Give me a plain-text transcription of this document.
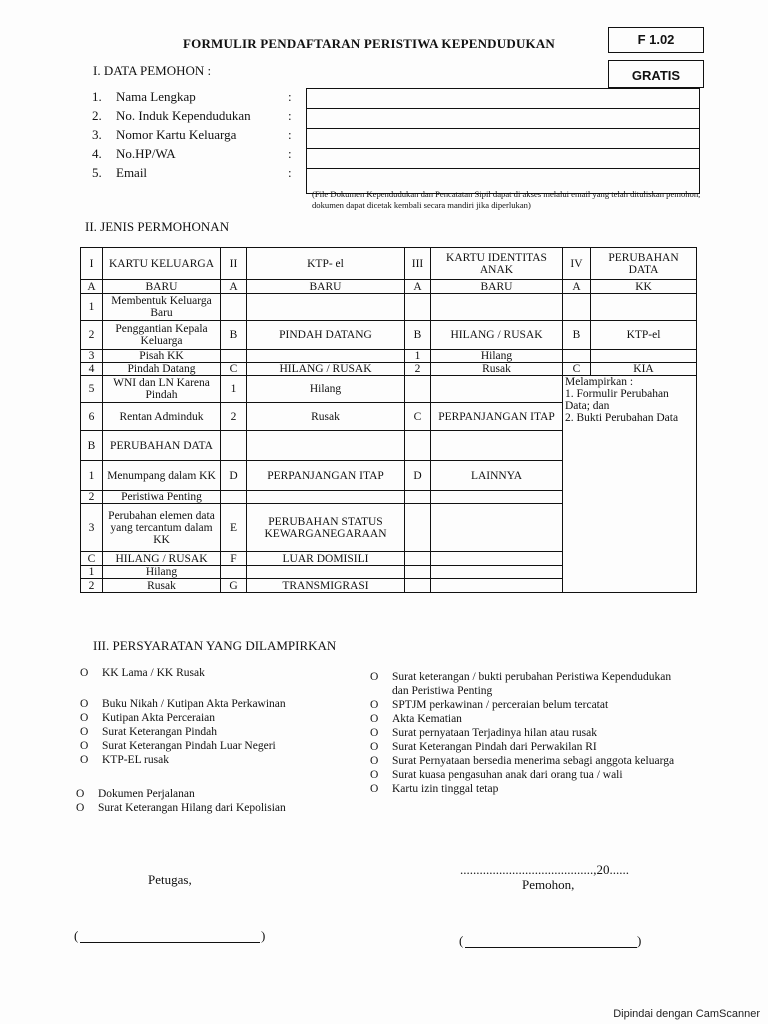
FORMULIR PENDAFTARAN PERISTIWA KEPENDUDUKAN	F 1.02
GRATIS
I. DATA PEMOHON :
1.	Nama Lengkap	:
2.	No. Induk Kependudukan	:
3.	Nomor Kartu Keluarga	:
4.	No.HP/WA	:
5.	Email	:
(File Dokumen Kependudukan dan Pencatatan Sipil dapat di akses melalui email yang telah dituliskan pemohon, dokumen dapat dicetak kembali secara mandiri jika diperlukan)
II. JENIS PERMOHONAN
I	KARTU KELUARGA	II	KTP- el	III	KARTU IDENTITAS ANAK	IV	PERUBAHAN DATA
A	BARU	A	BARU	A	BARU	A	KK
1	Membentuk Keluarga Baru						
2	Penggantian Kepala Keluarga	B	PINDAH DATANG	B	HILANG / RUSAK	B	KTP-el
3	Pisah KK			1	Hilang		
4	Pindah Datang	C	HILANG / RUSAK	2	Rusak	C	KIA
5	WNI dan LN Karena Pindah	1	Hilang			Melampirkan :
1. Formulir Perubahan Data; dan
2. Bukti Perubahan Data	

6	Rentan Adminduk	2	Rusak	C	PERPANJANGAN ITAP		
B	PERUBAHAN DATA						
1	Menumpang dalam KK	D	PERPANJANGAN ITAP	D	LAINNYA		
2	Peristiwa Penting						
3	Perubahan elemen data yang tercantum dalam KK	E	PERUBAHAN STATUS KEWARGANEGARAAN				
C	HILANG / RUSAK	F	LUAR DOMISILI				
1	Hilang						
2	Rusak	G	TRANSMIGRASI				
III. PERSYARATAN YANG DILAMPIRKAN
O KK Lama / KK Rusak
O Buku Nikah / Kutipan Akta Perkawinan
O Kutipan Akta Perceraian
O Surat Keterangan Pindah
O Surat Keterangan Pindah Luar Negeri
O KTP-EL rusak
O Dokumen Perjalanan
O Surat Keterangan Hilang dari Kepolisian
O	Surat keterangan / bukti perubahan Peristiwa Kependudukan dan Peristiwa Penting
O	SPTJM perkawinan / perceraian belum tercatat
O	Akta Kematian
O	Surat pernyataan Terjadinya hilan atau rusak
O	Surat Keterangan Pindah dari Perwakilan RI
O	Surat Pernyataan bersedia menerima sebagi anggota keluarga
O	Surat kuasa pengasuhan anak dari orang tua / wali
O	Kartu izin tinggal tetap
.........................................,20......
Petugas,	Pemohon,
(	)	(	)
Dipindai dengan CamScanner
